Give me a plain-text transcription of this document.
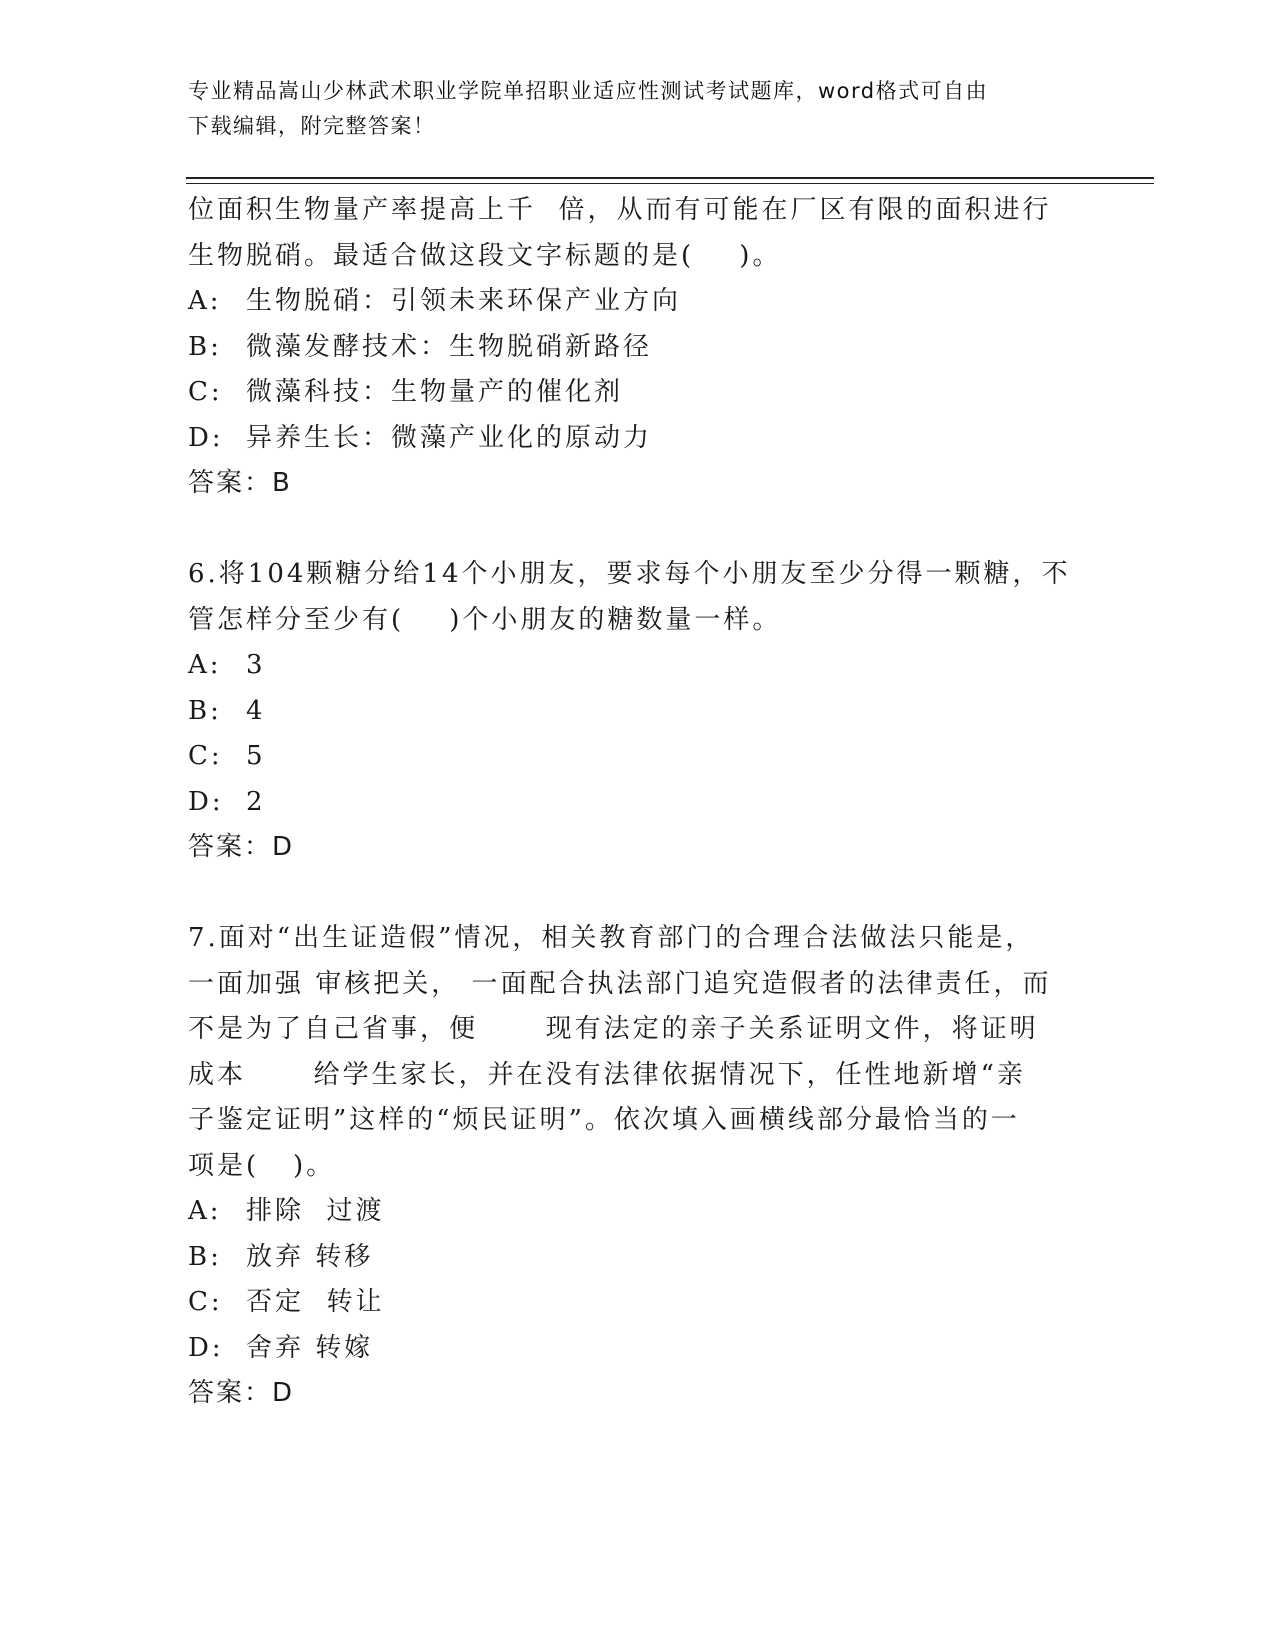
专业精品嵩山少林武术职业学院单招职业适应性测试考试题库，word格式可自由
下载编辑，附完整答案！
位面积生物量产率提高上千  倍，从而有可能在厂区有限的面积进行
生物脱硝。最适合做这段文字标题的是(    )。
A: 生物脱硝：引领未来环保产业方向
B: 微藻发酵技术：生物脱硝新路径
C: 微藻科技：生物量产的催化剂
D: 异养生长：微藻产业化的原动力
答案：B
6.将104颗糖分给14个小朋友，要求每个小朋友至少分得一颗糖，不
管怎样分至少有(    )个小朋友的糖数量一样。
A: 3
B: 4
C: 5
D: 2
答案：D
7.面对“出生证造假”情况，相关教育部门的合理合法做法只能是，
一面加强 审核把关， 一面配合执法部门追究造假者的法律责任，而
不是为了自己省事，便      现有法定的亲子关系证明文件，将证明
成本      给学生家长，并在没有法律依据情况下，任性地新增“亲
子鉴定证明”这样的“烦民证明”。依次填入画横线部分最恰当的一
项是(   )。
A: 排除  过渡
B: 放弃 转移
C: 否定  转让
D: 舍弃 转嫁
答案：D
